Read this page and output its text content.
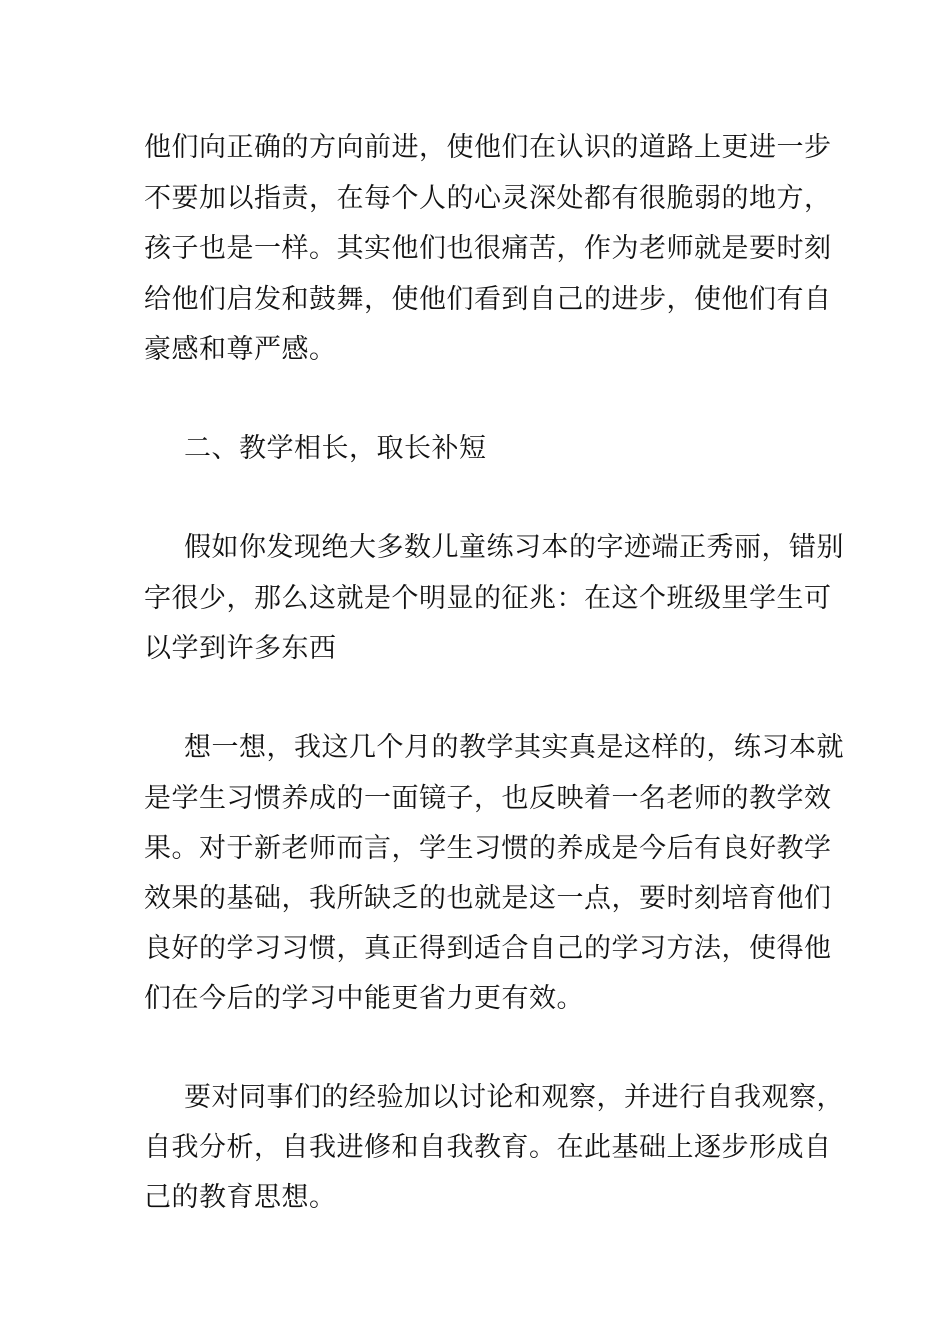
他们向正确的方向前进，使他们在认识的道路上更进一步
不要加以指责，在每个人的心灵深处都有很脆弱的地方，
孩子也是一样。其实他们也很痛苦，作为老师就是要时刻
给他们启发和鼓舞，使他们看到自己的进步，使他们有自
豪感和尊严感。
二、教学相长，取长补短
假如你发现绝大多数儿童练习本的字迹端正秀丽，错别
字很少，那么这就是个明显的征兆：在这个班级里学生可
以学到许多东西
想一想，我这几个月的教学其实真是这样的，练习本就
是学生习惯养成的一面镜子，也反映着一名老师的教学效
果。对于新老师而言，学生习惯的养成是今后有良好教学
效果的基础，我所缺乏的也就是这一点，要时刻培育他们
良好的学习习惯，真正得到适合自己的学习方法，使得他
们在今后的学习中能更省力更有效。
要对同事们的经验加以讨论和观察，并进行自我观察，
自我分析，自我进修和自我教育。在此基础上逐步形成自
己的教育思想。
